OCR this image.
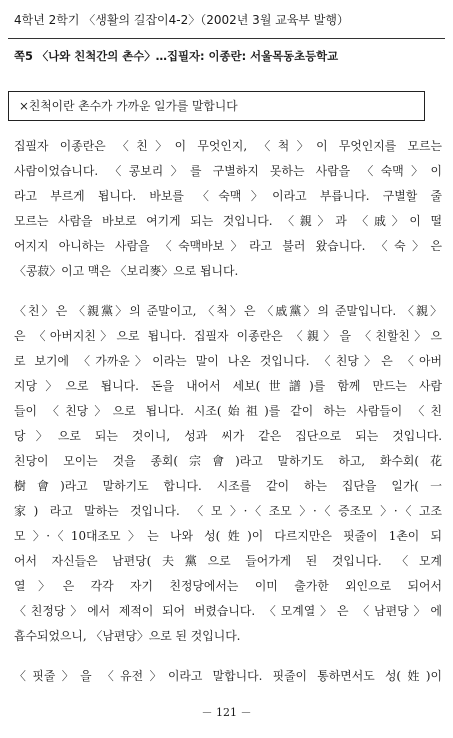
4학년 2학기 〈생활의 길잡이4-2〉（2002년 3월 교육부 발행）
쪽5 〈나와 친척간의 촌수〉…집필자: 이종란: 서울목동초등학교
×친척이란 촌수가 가까운 일가를 말합니다
집필자 이종란은 〈친〉이 무엇인지, 〈척〉이 무엇인지를 모르는
사람이었습니다. 〈콩보리〉를 구별하지 못하는 사람을 〈숙맥〉이
라고 부르게 됩니다. 바보를 〈숙맥〉이라고 부릅니다. 구별할 줄
모르는 사람을 바보로 여기게 되는 것입니다. 〈親〉과 〈戚〉이 떨
어지지 아니하는 사람을 〈숙맥바보〉라고 불러 왔습니다. 〈숙〉은
〈콩菽〉이고 맥은 〈보리麥〉으로 됩니다.
〈친〉은 〈親黨〉의 준말이고, 〈척〉은 〈戚黨〉의 준말입니다. 〈親〉
은 〈아버지친〉으로 됩니다. 집필자 이종란은 〈親〉을 〈친할친〉으
로 보기에 〈가까운〉이라는 말이 나온 것입니다. 〈친당〉은 〈아버
지당〉으로 됩니다. 돈을 내어서 세보(世譜)를 함께 만드는 사람
들이 〈친당〉으로 됩니다. 시조(始祖)를 같이 하는 사람들이 〈친
당〉으로 되는 것이니, 성과 씨가 같은 집단으로 되는 것입니다.
친당이 모이는 것을 종회(宗會)라고 말하기도 하고, 화수회(花
樹會)라고 말하기도 합니다. 시조를 같이 하는 집단을 일가(一
家) 라고 말하는 것입니다. 〈모〉·〈조모〉·〈증조모〉·〈고조
모〉·〈10대조모〉는 나와 성(姓)이 다르지만은 핏줄이 1촌이 되
어서 자신들은 남편당(夫黨으로 들어가게 된 것입니다. 〈모계
열〉은 각각 자기 친정당에서는 이미 출가한 외인으로 되어서
〈친정당〉에서 제적이 되어 버렸습니다. 〈모계열〉은 〈남편당〉에
흡수되었으니, 〈남편당〉으로 된 것입니다.
〈핏줄〉을 〈유전〉이라고 말합니다. 핏줄이 통하면서도 성(姓)이
－ 121 －
